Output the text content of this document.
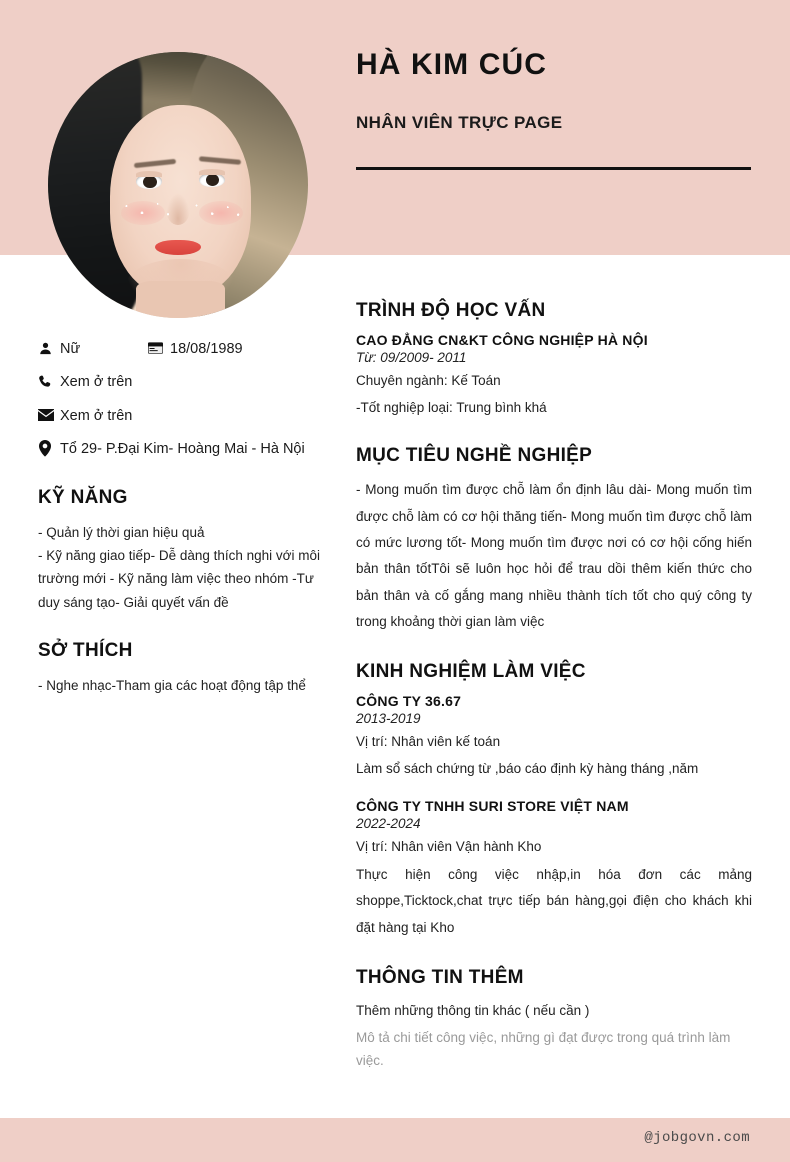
HÀ KIM CÚC
NHÂN VIÊN TRỰC PAGE
Nữ	18/08/1989
Xem ở trên
Xem ở trên
Tổ 29- P.Đại Kim- Hoàng Mai - Hà Nội
KỸ NĂNG

- Quản lý thời gian hiệu quả

- Kỹ năng giao tiếp- Dễ dàng thích nghi với môi trường mới - Kỹ năng làm việc theo nhóm -Tư duy sáng tạo- Giải quyết vấn đề

SỞ THÍCH

- Nghe nhạc-Tham gia các hoạt động tập thể

TRÌNH ĐỘ HỌC VẤN
CAO ĐẲNG CN&KT CÔNG NGHIỆP HÀ NỘI
Từ: 09/2009- 2011
Chuyên ngành: Kế Toán
-Tốt nghiệp loại: Trung bình khá
MỤC TIÊU NGHỀ NGHIỆP

- Mong muốn tìm được chỗ làm ổn định lâu dài- Mong muốn tìm được chỗ làm có cơ hội thăng tiến- Mong muốn tìm được chỗ làm có mức lương tốt- Mong muốn tìm được nơi có cơ hội cống hiến bản thân tốtTôi sẽ luôn học hỏi để trau dồi thêm kiến thức cho bản thân và cố gắng mang nhiều thành tích tốt cho quý công ty trong khoảng thời gian làm việc

KINH NGHIỆM LÀM VIỆC
CÔNG TY 36.67
2013-2019
Vị trí: Nhân viên kế toán
Làm sổ sách chứng từ ,báo cáo định kỳ hàng tháng ,năm
CÔNG TY TNHH SURI STORE VIỆT NAM
2022-2024
Vị trí: Nhân viên Vận hành Kho

Thực hiện công việc nhập,in hóa đơn các mảng shoppe,Ticktock,chat trực tiếp bán hàng,gọi điện cho khách khi đặt hàng tại Kho

THÔNG TIN THÊM
Thêm những thông tin khác ( nếu cần )
Mô tả chi tiết công việc, những gì đạt được trong quá trình làm việc.
@jobgovn.com
